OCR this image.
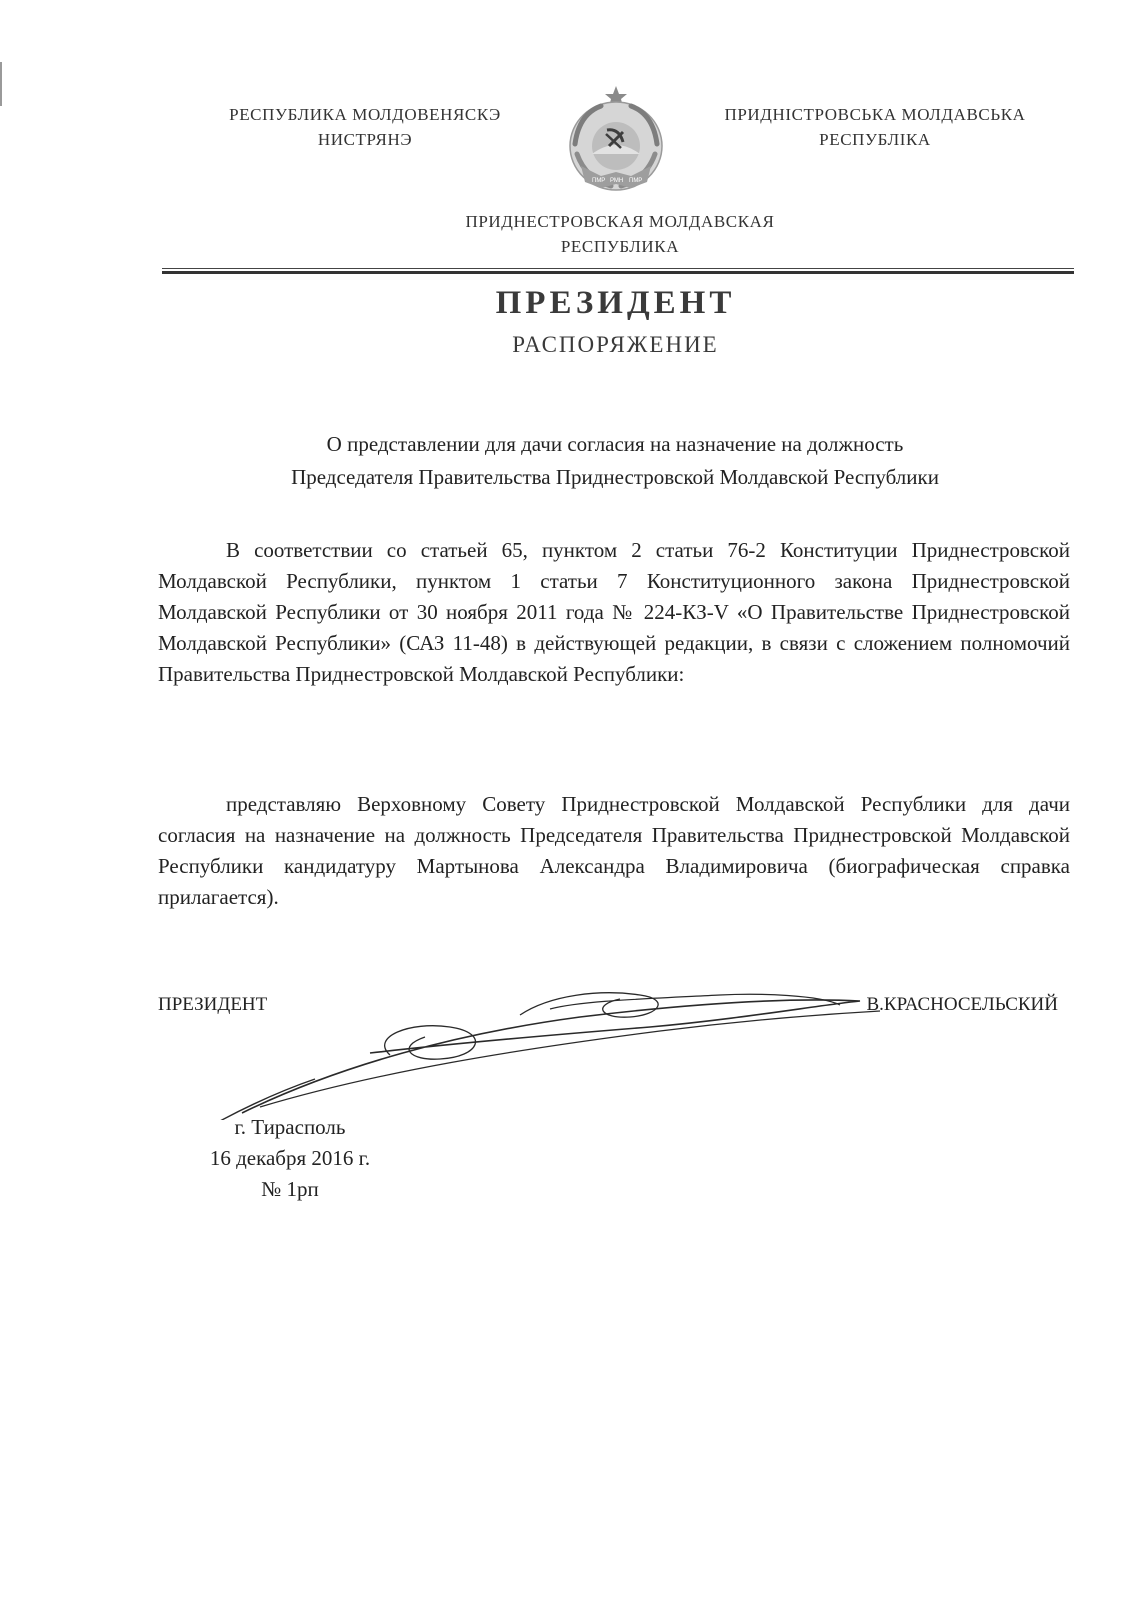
РЕСПУБЛИКА МОЛДОВЕНЯСКЭ
НИСТРЯНЭ
ПМР РМН ПМР
ПРИДНІСТРОВСЬКА МОЛДАВСЬКА
РЕСПУБЛІКА
ПРИДНЕСТРОВСКАЯ МОЛДАВСКАЯ
РЕСПУБЛИКА
ПРЕЗИДЕНТ
РАСПОРЯЖЕНИЕ
О представлении для дачи согласия на назначение на должность
Председателя Правительства Приднестровской Молдавской Республики
В соответствии со статьей 65, пунктом 2 статьи 76-2 Конституции Приднестровской Молдавской Республики, пунктом 1 статьи 7 Конституционного закона Приднестровской Молдавской Республики от 30 ноября 2011 года № 224-КЗ-V «О Правительстве Приднестровской Молдавской Республики» (САЗ 11-48) в действующей редакции, в связи с сложением полномочий Правительства Приднестровской Молдавской Республики:
представляю Верховному Совету Приднестровской Молдавской Республики для дачи согласия на назначение на должность Председателя Правительства Приднестровской Молдавской Республики кандидатуру Мартынова Александра Владимировича (биографическая справка прилагается).
ПРЕЗИДЕНТ	В.КРАСНОСЕЛЬСКИЙ
г. Тирасполь
16 декабря 2016 г.
№ 1рп
